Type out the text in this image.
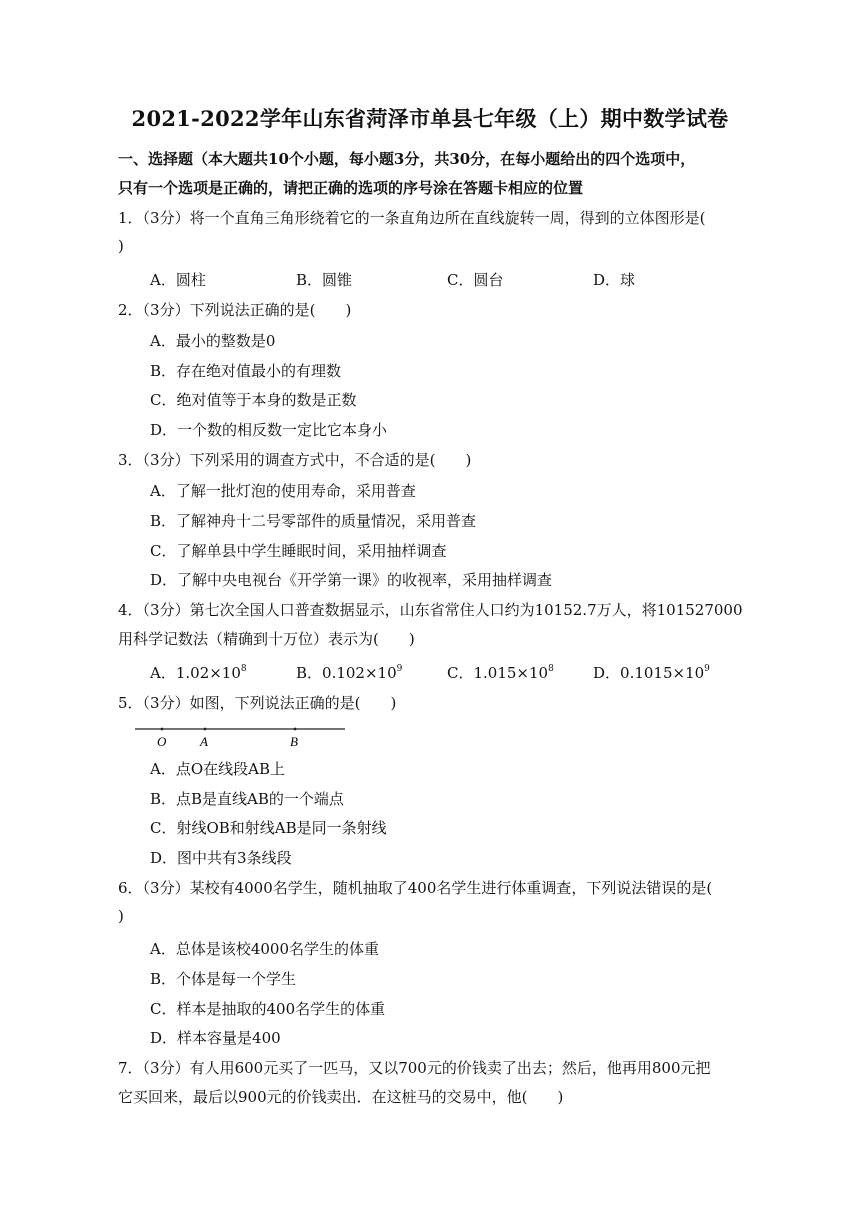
2021-2022学年山东省菏泽市单县七年级（上）期中数学试卷
一、选择题（本大题共10个小题，每小题3分，共30分，在每小题给出的四个选项中，
只有一个选项是正确的，请把正确的选项的序号涂在答题卡相应的位置
1．（3分）将一个直角三角形绕着它的一条直角边所在直线旋转一周，得到的立体图形是(
)
A．圆柱	B．圆锥	C．圆台	D．球
2．（3分）下列说法正确的是(　　)
A．最小的整数是0
B．存在绝对值最小的有理数
C．绝对值等于本身的数是正数
D．一个数的相反数一定比它本身小
3．（3分）下列采用的调查方式中，不合适的是(　　)
A．了解一批灯泡的使用寿命，采用普查
B．了解神舟十二号零部件的质量情况，采用普查
C．了解单县中学生睡眠时间，采用抽样调查
D．了解中央电视台《开学第一课》的收视率，采用抽样调查
4．（3分）第七次全国人口普查数据显示，山东省常住人口约为10152.7万人，将101527000
用科学记数法（精确到十万位）表示为(　　)
A．$1.02\times 10^8$	B．$0.102\times 10^9$	C．$1.015\times 10^8$	D．$0.1015\times 10^9$
5．（3分）如图，下列说法正确的是(　　)
O	A	B
A．点O在线段AB上
B．点B是直线AB的一个端点
C．射线OB和射线AB是同一条射线
D．图中共有3条线段
6．（3分）某校有4000名学生，随机抽取了400名学生进行体重调查，下列说法错误的是(
)
A．总体是该校4000名学生的体重
B．个体是每一个学生
C．样本是抽取的400名学生的体重
D．样本容量是400
7．（3分）有人用600元买了一匹马，又以700元的价钱卖了出去；然后，他再用800元把
它买回来，最后以900元的价钱卖出．在这桩马的交易中，他(　　)
